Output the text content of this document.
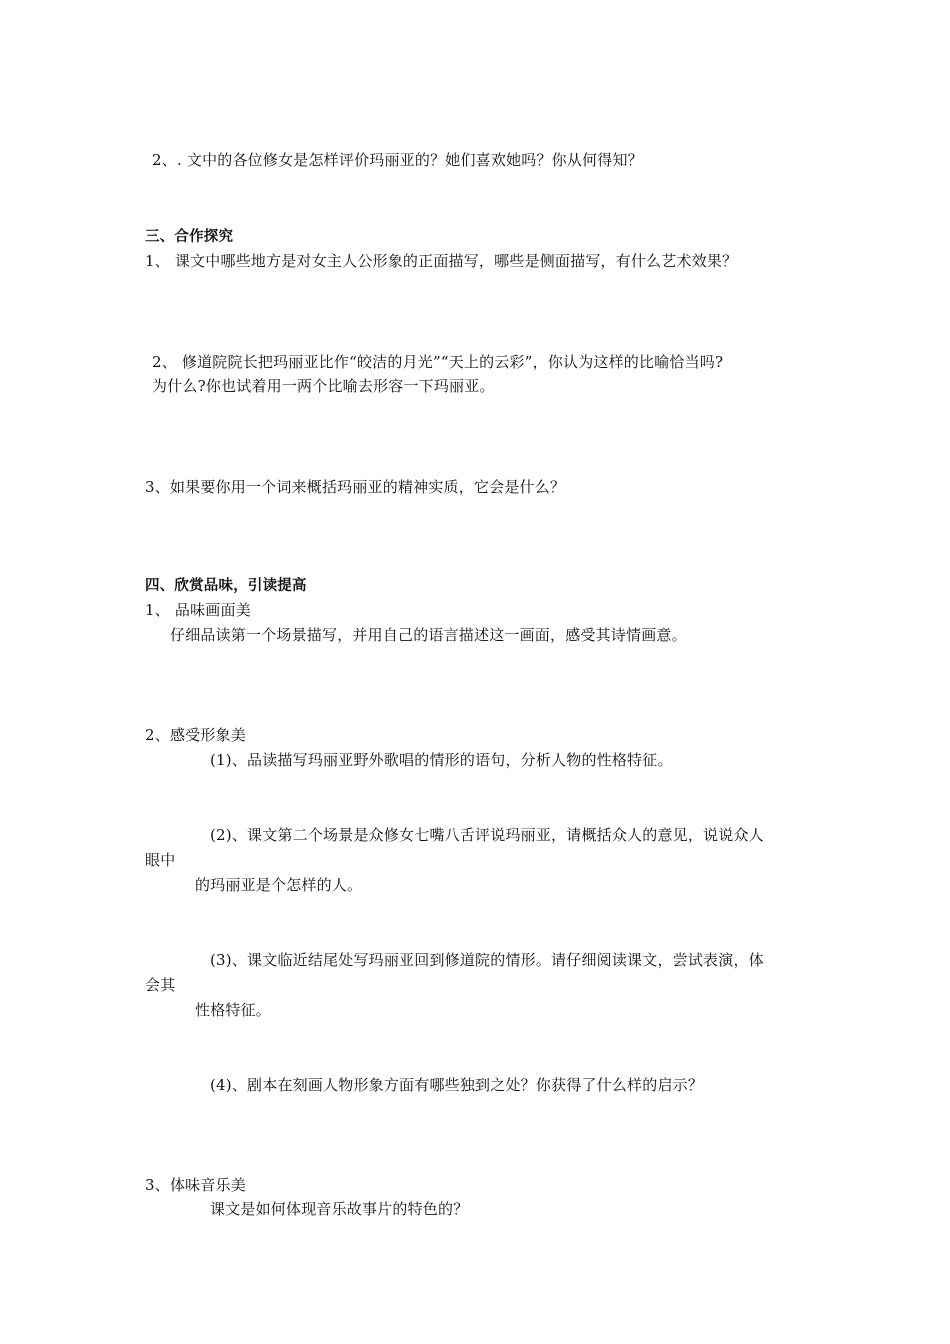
2、. 文中的各位修女是怎样评价玛丽亚的？她们喜欢她吗？你从何得知？
三、合作探究
1、 课文中哪些地方是对女主人公形象的正面描写，哪些是侧面描写，有什么艺术效果？
2、 修道院院长把玛丽亚比作“皎洁的月光”“天上的云彩”，你认为这样的比喻恰当吗?
为什么?你也试着用一两个比喻去形容一下玛丽亚。
3、如果要你用一个词来概括玛丽亚的精神实质，它会是什么？
四、欣赏品味，引读提高
1、 品味画面美
仔细品读第一个场景描写，并用自己的语言描述这一画面，感受其诗情画意。
2、感受形象美
(1)、品读描写玛丽亚野外歌唱的情形的语句，分析人物的性格特征。
(2)、课文第二个场景是众修女七嘴八舌评说玛丽亚，请概括众人的意见，说说众人
眼中
的玛丽亚是个怎样的人。
(3)、课文临近结尾处写玛丽亚回到修道院的情形。请仔细阅读课文，尝试表演，体
会其
性格特征。
(4)、剧本在刻画人物形象方面有哪些独到之处？你获得了什么样的启示？
3、体味音乐美
课文是如何体现音乐故事片的特色的？
